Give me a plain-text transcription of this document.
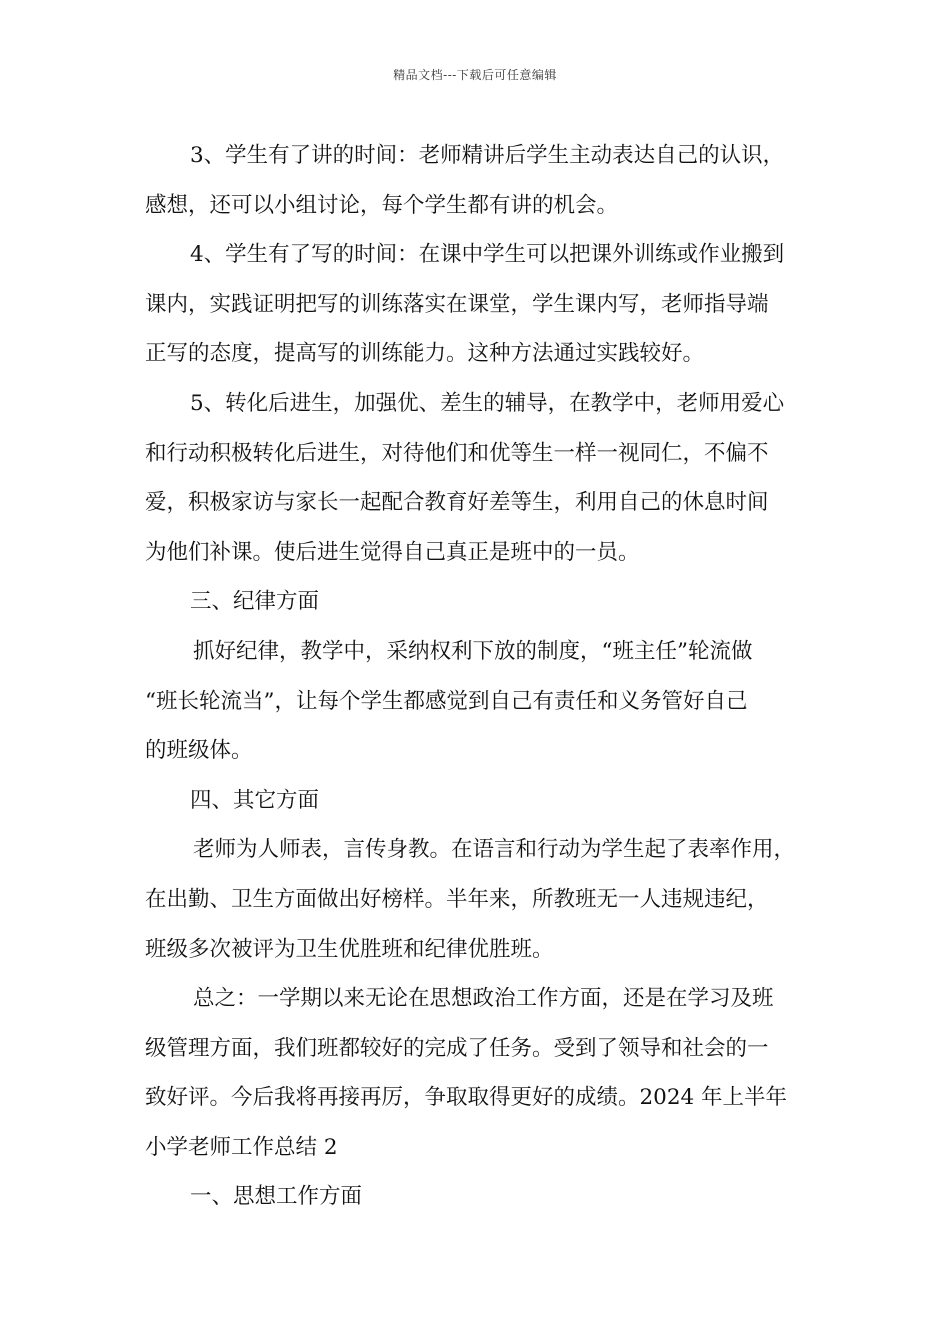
精品文档---下载后可任意编辑

3、学生有了讲的时间：老师精讲后学生主动表达自己的认识，
感想，还可以小组讨论，每个学生都有讲的机会。

4、学生有了写的时间：在课中学生可以把课外训练或作业搬到
课内，实践证明把写的训练落实在课堂，学生课内写，老师指导端
正写的态度，提高写的训练能力。这种方法通过实践较好。

5、转化后进生，加强优、差生的辅导，在教学中，老师用爱心
和行动积极转化后进生，对待他们和优等生一样一视同仁，不偏不
爱，积极家访与家长一起配合教育好差等生，利用自己的休息时间
为他们补课。使后进生觉得自己真正是班中的一员。

三、纪律方面

抓好纪律，教学中，采纳权利下放的制度，“班主任”轮流做
“班长轮流当”，让每个学生都感觉到自己有责任和义务管好自己
的班级体。

四、其它方面

老师为人师表，言传身教。在语言和行动为学生起了表率作用，
在出勤、卫生方面做出好榜样。半年来，所教班无一人违规违纪，
班级多次被评为卫生优胜班和纪律优胜班。

总之：一学期以来无论在思想政治工作方面，还是在学习及班
级管理方面，我们班都较好的完成了任务。受到了领导和社会的一
致好评。今后我将再接再厉，争取取得更好的成绩。2024 年上半年
小学老师工作总结 2

一、思想工作方面
